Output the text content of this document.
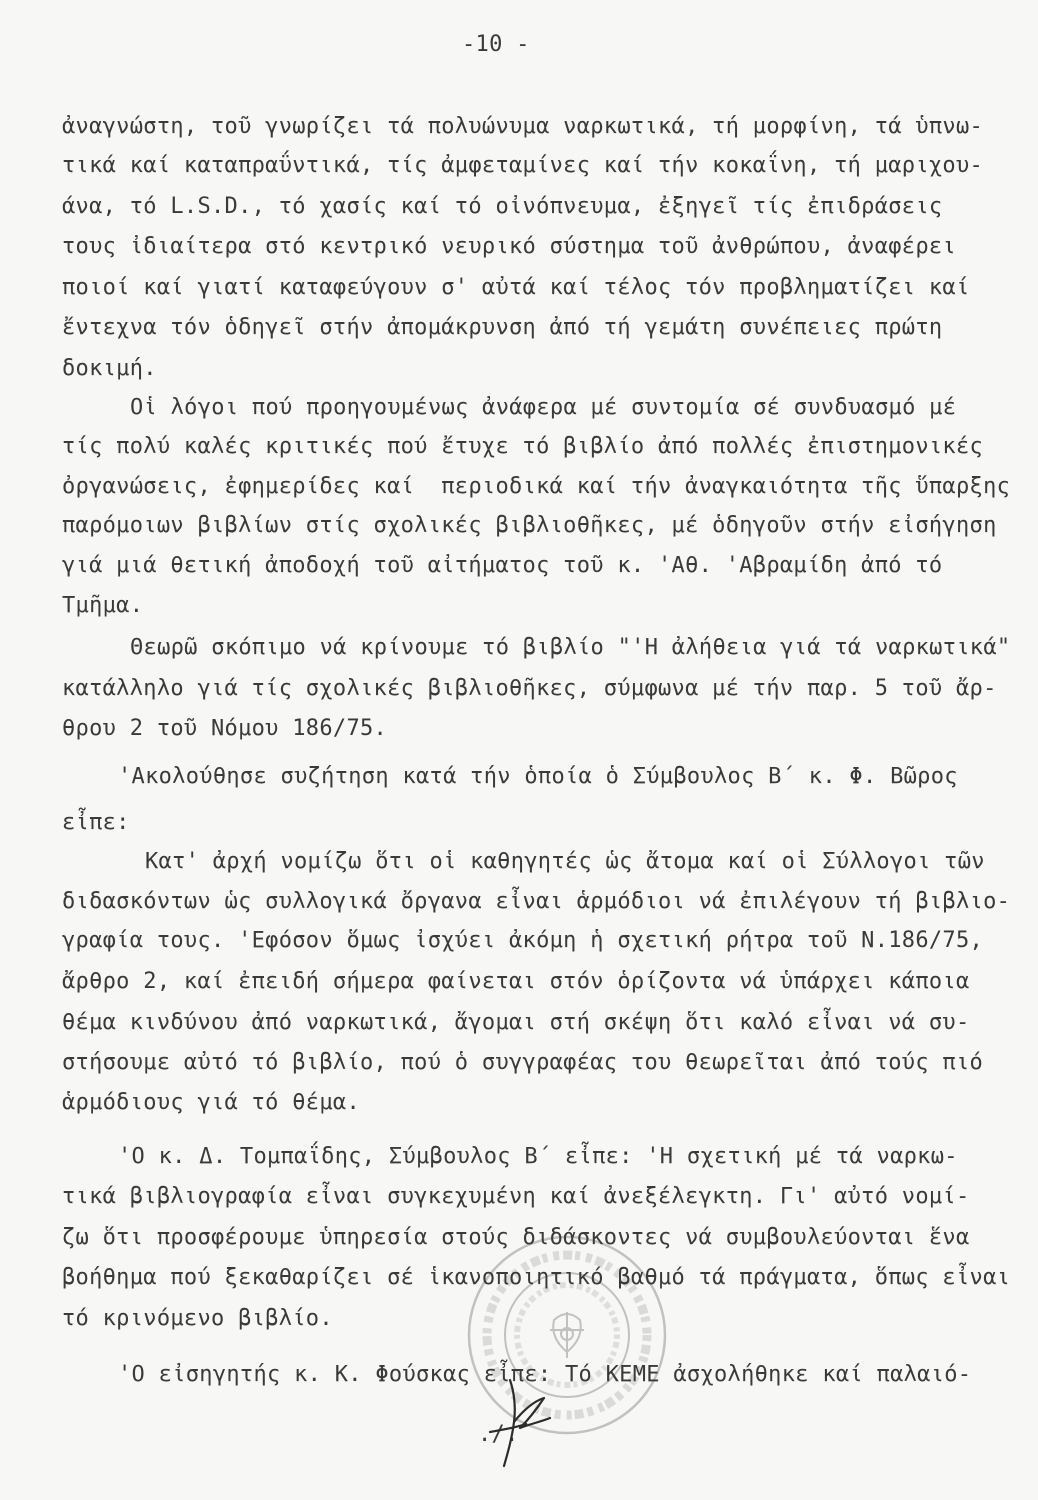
-10 -
ἀναγνώστη, τοῦ γνωρίζει τά πολυώνυμα ναρκωτικά, τή μορφίνη, τά ὑπνω-
τικά καί καταπραΰντικά, τίς ἀμφεταμίνες καί τήν κοκαΐνη, τή μαριχου-
άνα, τό L.S.D., τό χασίς καί τό οἰνόπνευμα, ἐξηγεῖ τίς ἐπιδράσεις
τους ἰδιαίτερα στό κεντρικό νευρικό σύστημα τοῦ ἀνθρώπου, ἀναφέρει
ποιοί καί γιατί καταφεύγουν σ' αὐτά καί τέλος τόν προβληματίζει καί
ἔντεχνα τόν ὁδηγεῖ στήν ἀπομάκρυνση ἀπό τή γεμάτη συνέπειες πρώτη
δοκιμή.
Οἱ λόγοι πού προηγουμένως ἀνάφερα μέ συντομία σέ συνδυασμό μέ
τίς πολύ καλές κριτικές πού ἔτυχε τό βιβλίο ἀπό πολλές ἐπιστημονικές
ὀργανώσεις, ἐφημερίδες καί  περιοδικά καί τήν ἀναγκαιότητα τῆς ὕπαρξης
παρόμοιων βιβλίων στίς σχολικές βιβλιοθῆκες, μέ ὁδηγοῦν στήν εἰσήγηση
γιά μιά θετική ἀποδοχή τοῦ αἰτήματος τοῦ κ. 'Αθ. 'Αβραμίδη ἀπό τό
Τμῆμα.
Θεωρῶ σκόπιμο νά κρίνουμε τό βιβλίο "'Η ἀλήθεια γιά τά ναρκωτικά"
κατάλληλο γιά τίς σχολικές βιβλιοθῆκες, σύμφωνα μέ τήν παρ. 5 τοῦ ἄρ-
θρου 2 τοῦ Νόμου 186/75.
'Ακολούθησε συζήτηση κατά τήν ὁποία ὁ Σύμβουλος Β΄ κ. Φ. Βῶρος
εἶπε:
Κατ' ἀρχή νομίζω ὅτι οἱ καθηγητές ὡς ἄτομα καί οἱ Σύλλογοι τῶν
διδασκόντων ὡς συλλογικά ὄργανα εἶναι ἁρμόδιοι νά ἐπιλέγουν τή βιβλιο-
γραφία τους. 'Εφόσον ὅμως ἰσχύει ἀκόμη ἡ σχετική ρήτρα τοῦ Ν.186/75,
ἄρθρο 2, καί ἐπειδή σήμερα φαίνεται στόν ὁρίζοντα νά ὑπάρχει κάποια
θέμα κινδύνου ἀπό ναρκωτικά, ἄγομαι στή σκέψη ὅτι καλό εἶναι νά συ-
στήσουμε αὐτό τό βιβλίο, πού ὁ συγγραφέας του θεωρεῖται ἀπό τούς πιό
ἁρμόδιους γιά τό θέμα.
'Ο κ. Δ. Τομπαΐδης, Σύμβουλος Β΄ εἶπε: 'Η σχετική μέ τά ναρκω-
τικά βιβλιογραφία εἶναι συγκεχυμένη καί ἀνεξέλεγκτη. Γι' αὐτό νομί-
ζω ὅτι προσφέρουμε ὑπηρεσία στούς διδάσκοντες νά συμβουλεύονται ἕνα
βοήθημα πού ξεκαθαρίζει σέ ἱκανοποιητικό βαθμό τά πράγματα, ὅπως εἶναι
τό κρινόμενο βιβλίο.
'Ο εἰσηγητής κ. Κ. Φούσκας εἶπε: Τό ΚΕΜΕ ἀσχολήθηκε καί παλαιό-
./.
